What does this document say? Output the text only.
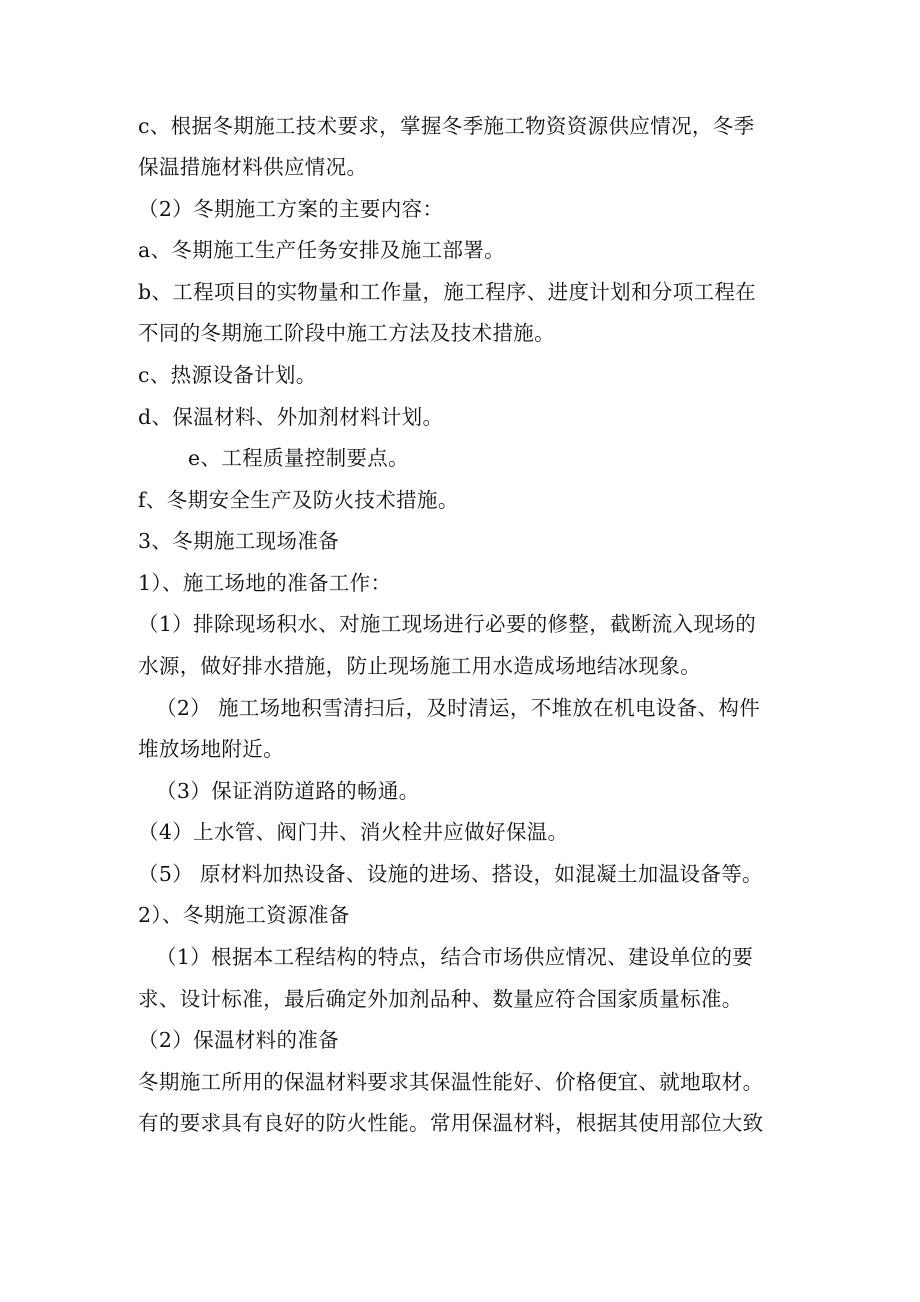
c、根据冬期施工技术要求，掌握冬季施工物资资源供应情况，冬季
保温措施材料供应情况。
（2）冬期施工方案的主要内容：
a、冬期施工生产任务安排及施工部署。
b、工程项目的实物量和工作量，施工程序、进度计划和分项工程在
不同的冬期施工阶段中施工方法及技术措施。
c、热源设备计划。
d、保温材料、外加剂材料计划。
e、工程质量控制要点。
f、冬期安全生产及防火技术措施。
3、冬期施工现场准备
1）、施工场地的准备工作：
（1）排除现场积水、对施工现场进行必要的修整，截断流入现场的
水源，做好排水措施，防止现场施工用水造成场地结冰现象。
（2） 施工场地积雪清扫后，及时清运，不堆放在机电设备、构件
堆放场地附近。
（3）保证消防道路的畅通。
（4）上水管、阀门井、消火栓井应做好保温。
（5） 原材料加热设备、设施的进场、搭设，如混凝土加温设备等。
2）、冬期施工资源准备
（1）根据本工程结构的特点，结合市场供应情况、建设单位的要
求、设计标准，最后确定外加剂品种、数量应符合国家质量标准。
（2）保温材料的准备
冬期施工所用的保温材料要求其保温性能好、价格便宜、就地取材。
有的要求具有良好的防火性能。常用保温材料，根据其使用部位大致
